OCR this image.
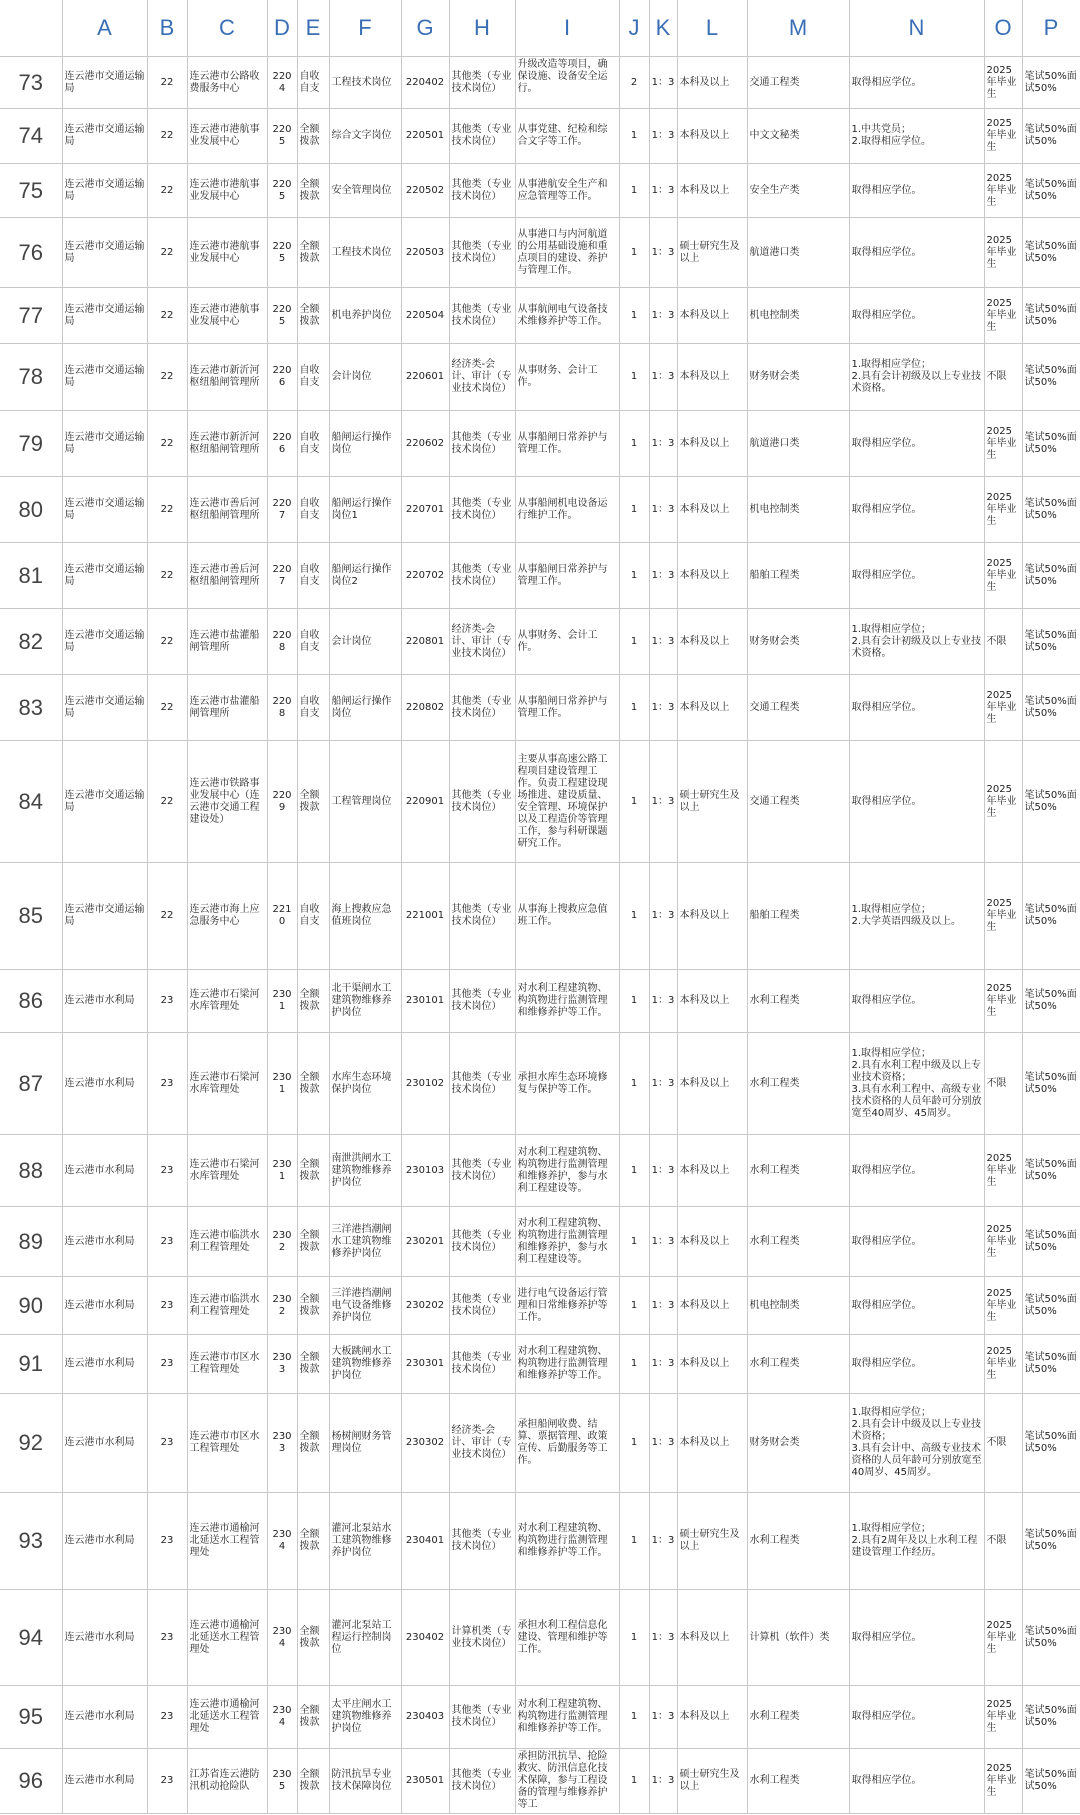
	A	B	C	D	E	F	G	H	I	J	K	L	M	N	O	P
73	连云港市交通运输局	22	连云港市公路收费服务中心	2204	自收自支	工程技术岗位	220402	其他类（专业技术岗位）	升级改造等项目，确保设施、设备安全运行。	2	1：3	本科及以上	交通工程类	取得相应学位。	2025年毕业生	笔试50%面试50%
74	连云港市交通运输局	22	连云港市港航事业发展中心	2205	全额拨款	综合文字岗位	220501	其他类（专业技术岗位）	从事党建、纪检和综合文字等工作。	1	1：3	本科及以上	中文文秘类	1.中共党员；
2.取得相应学位。	2025年毕业生	笔试50%面试50%
75	连云港市交通运输局	22	连云港市港航事业发展中心	2205	全额拨款	安全管理岗位	220502	其他类（专业技术岗位）	从事港航安全生产和应急管理等工作。	1	1：3	本科及以上	安全生产类	取得相应学位。	2025年毕业生	笔试50%面试50%
76	连云港市交通运输局	22	连云港市港航事业发展中心	2205	全额拨款	工程技术岗位	220503	其他类（专业技术岗位）	从事港口与内河航道的公用基础设施和重点项目的建设、养护与管理工作。	1	1：3	硕士研究生及以上	航道港口类	取得相应学位。	2025年毕业生	笔试50%面试50%
77	连云港市交通运输局	22	连云港市港航事业发展中心	2205	全额拨款	机电养护岗位	220504	其他类（专业技术岗位）	从事航闸电气设备技术维修养护等工作。	1	1：3	本科及以上	机电控制类	取得相应学位。	2025年毕业生	笔试50%面试50%
78	连云港市交通运输局	22	连云港市新沂河枢纽船闸管理所	2206	自收自支	会计岗位	220601	经济类-会计、审计（专业技术岗位）	从事财务、会计工作。	1	1：3	本科及以上	财务财会类	1.取得相应学位；
2.具有会计初级及以上专业技术资格。	不限	笔试50%面试50%
79	连云港市交通运输局	22	连云港市新沂河枢纽船闸管理所	2206	自收自支	船闸运行操作岗位	220602	其他类（专业技术岗位）	从事船闸日常养护与管理工作。	1	1：3	本科及以上	航道港口类	取得相应学位。	2025年毕业生	笔试50%面试50%
80	连云港市交通运输局	22	连云港市善后河枢纽船闸管理所	2207	自收自支	船闸运行操作岗位1	220701	其他类（专业技术岗位）	从事船闸机电设备运行维护工作。	1	1：3	本科及以上	机电控制类	取得相应学位。	2025年毕业生	笔试50%面试50%
81	连云港市交通运输局	22	连云港市善后河枢纽船闸管理所	2207	自收自支	船闸运行操作岗位2	220702	其他类（专业技术岗位）	从事船闸日常养护与管理工作。	1	1：3	本科及以上	船舶工程类	取得相应学位。	2025年毕业生	笔试50%面试50%
82	连云港市交通运输局	22	连云港市盐灌船闸管理所	2208	自收自支	会计岗位	220801	经济类-会计、审计（专业技术岗位）	从事财务、会计工作。	1	1：3	本科及以上	财务财会类	1.取得相应学位；
2.具有会计初级及以上专业技术资格。	不限	笔试50%面试50%
83	连云港市交通运输局	22	连云港市盐灌船闸管理所	2208	自收自支	船闸运行操作岗位	220802	其他类（专业技术岗位）	从事船闸日常养护与管理工作。	1	1：3	本科及以上	交通工程类	取得相应学位。	2025年毕业生	笔试50%面试50%
84	连云港市交通运输局	22	连云港市铁路事业发展中心（连云港市交通工程建设处）	2209	全额拨款	工程管理岗位	220901	其他类（专业技术岗位）	主要从事高速公路工程项目建设管理工作。负责工程建设现场推进、建设质量、安全管理、环境保护以及工程造价等管理工作，参与科研课题研究工作。	1	1：3	硕士研究生及以上	交通工程类	取得相应学位。	2025年毕业生	笔试50%面试50%
85	连云港市交通运输局	22	连云港市海上应急服务中心	2210	自收自支	海上搜救应急值班岗位	221001	其他类（专业技术岗位）	从事海上搜救应急值班工作。	1	1：3	本科及以上	船舶工程类	1.取得相应学位；
2.大学英语四级及以上。	2025年毕业生	笔试50%面试50%
86	连云港市水利局	23	连云港市石梁河水库管理处	2301	全额拨款	北干渠闸水工建筑物维修养护岗位	230101	其他类（专业技术岗位）	对水利工程建筑物、构筑物进行监测管理和维修养护等工作。	1	1：3	本科及以上	水利工程类	取得相应学位。	2025年毕业生	笔试50%面试50%
87	连云港市水利局	23	连云港市石梁河水库管理处	2301	全额拨款	水库生态环境保护岗位	230102	其他类（专业技术岗位）	承担水库生态环境修复与保护等工作。	1	1：3	本科及以上	水利工程类	1.取得相应学位；
2.具有水利工程中级及以上专业技术资格；
3.具有水利工程中、高级专业技术资格的人员年龄可分别放宽至40周岁、45周岁。	不限	笔试50%面试50%
88	连云港市水利局	23	连云港市石梁河水库管理处	2301	全额拨款	南泄洪闸水工建筑物维修养护岗位	230103	其他类（专业技术岗位）	对水利工程建筑物、构筑物进行监测管理和维修养护，参与水利工程建设等。	1	1：3	本科及以上	水利工程类	取得相应学位。	2025年毕业生	笔试50%面试50%
89	连云港市水利局	23	连云港市临洪水利工程管理处	2302	全额拨款	三洋港挡潮闸水工建筑物维修养护岗位	230201	其他类（专业技术岗位）	对水利工程建筑物、构筑物进行监测管理和维修养护，参与水利工程建设等。	1	1：3	本科及以上	水利工程类	取得相应学位。	2025年毕业生	笔试50%面试50%
90	连云港市水利局	23	连云港市临洪水利工程管理处	2302	全额拨款	三洋港挡潮闸电气设备维修养护岗位	230202	其他类（专业技术岗位）	进行电气设备运行管理和日常维修养护等工作。	1	1：3	本科及以上	机电控制类	取得相应学位。	2025年毕业生	笔试50%面试50%
91	连云港市水利局	23	连云港市市区水工程管理处	2303	全额拨款	大板跳闸水工建筑物维修养护岗位	230301	其他类（专业技术岗位）	对水利工程建筑物、构筑物进行监测管理和维修养护等工作。	1	1：3	本科及以上	水利工程类	取得相应学位。	2025年毕业生	笔试50%面试50%
92	连云港市水利局	23	连云港市市区水工程管理处	2303	全额拨款	杨树闸财务管理岗位	230302	经济类-会计、审计（专业技术岗位）	承担船闸收费、结算、票据管理、政策宣传、后勤服务等工作。	1	1：3	本科及以上	财务财会类	1.取得相应学位；
2.具有会计中级及以上专业技术资格；
3.具有会计中、高级专业技术资格的人员年龄可分别放宽至40周岁、45周岁。	不限	笔试50%面试50%
93	连云港市水利局	23	连云港市通榆河北延送水工程管理处	2304	全额拨款	灌河北泵站水工建筑物维修养护岗位	230401	其他类（专业技术岗位）	对水利工程建筑物、构筑物进行监测管理和维修养护等工作。	1	1：3	硕士研究生及以上	水利工程类	1.取得相应学位；
2.具有2周年及以上水利工程建设管理工作经历。	不限	笔试50%面试50%
94	连云港市水利局	23	连云港市通榆河北延送水工程管理处	2304	全额拨款	灌河北泵站工程运行控制岗位	230402	计算机类（专业技术岗位）	承担水利工程信息化建设、管理和维护等工作。	1	1：3	本科及以上	计算机（软件）类	取得相应学位。	2025年毕业生	笔试50%面试50%
95	连云港市水利局	23	连云港市通榆河北延送水工程管理处	2304	全额拨款	太平庄闸水工建筑物维修养护岗位	230403	其他类（专业技术岗位）	对水利工程建筑物、构筑物进行监测管理和维修养护等工作。	1	1：3	本科及以上	水利工程类	取得相应学位。	2025年毕业生	笔试50%面试50%
96	连云港市水利局	23	江苏省连云港防汛机动抢险队	2305	全额拨款	防汛抗旱专业技术保障岗位	230501	其他类（专业技术岗位）	承担防汛抗旱、抢险救灾、防汛信息化技术保障，参与工程设备的管理与维修养护等工	1	1：3	硕士研究生及以上	水利工程类	取得相应学位。	2025年毕业生	笔试50%面试50%
